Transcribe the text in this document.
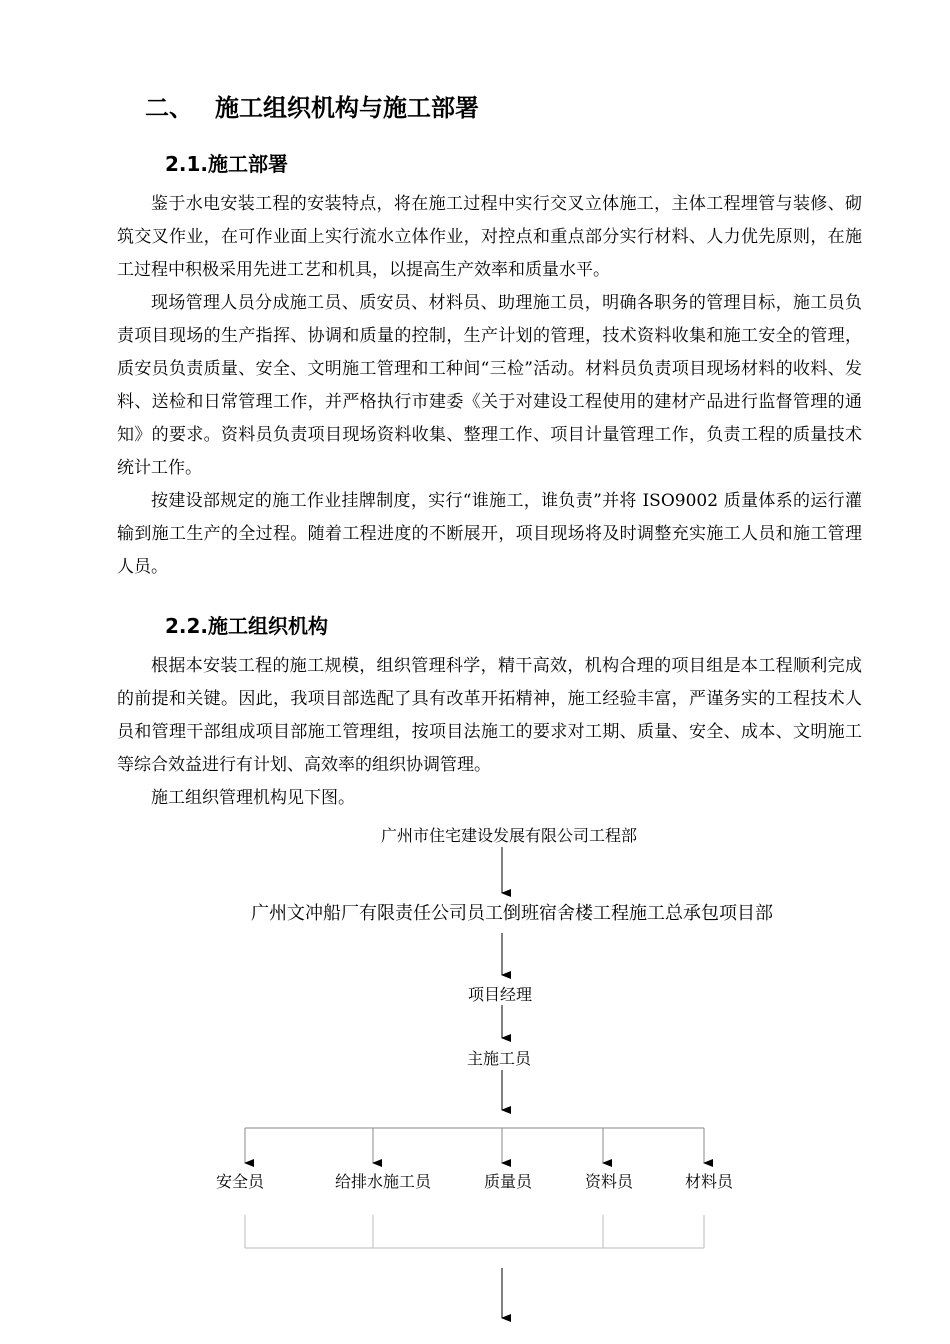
二、 施工组织机构与施工部署
2.1.施工部署
鉴于水电安装工程的安装特点，将在施工过程中实行交叉立体施工，主体工程埋管与装修、砌筑交叉作业，在可作业面上实行流水立体作业，对控点和重点部分实行材料、人力优先原则，在施工过程中积极采用先进工艺和机具，以提高生产效率和质量水平。
现场管理人员分成施工员、质安员、材料员、助理施工员，明确各职务的管理目标，施工员负责项目现场的生产指挥、协调和质量的控制，生产计划的管理，技术资料收集和施工安全的管理，质安员负责质量、安全、文明施工管理和工种间“三检”活动。材料员负责项目现场材料的收料、发料、送检和日常管理工作，并严格执行市建委《关于对建设工程使用的建材产品进行监督管理的通知》的要求。资料员负责项目现场资料收集、整理工作、项目计量管理工作，负责工程的质量技术统计工作。
按建设部规定的施工作业挂牌制度，实行“谁施工，谁负责”并将 ISO9002 质量体系的运行灌输到施工生产的全过程。随着工程进度的不断展开，项目现场将及时调整充实施工人员和施工管理人员。
2.2.施工组织机构
根据本安装工程的施工规模，组织管理科学，精干高效，机构合理的项目组是本工程顺利完成的前提和关键。因此，我项目部选配了具有改革开拓精神，施工经验丰富，严谨务实的工程技术人员和管理干部组成项目部施工管理组，按项目法施工的要求对工期、质量、安全、成本、文明施工等综合效益进行有计划、高效率的组织协调管理。
施工组织管理机构见下图。
广州市住宅建设发展有限公司工程部
广州文冲船厂有限责任公司员工倒班宿舍楼工程施工总承包项目部
项目经理
主施工员
安全员	给排水施工员	质量员	资料员	材料员
